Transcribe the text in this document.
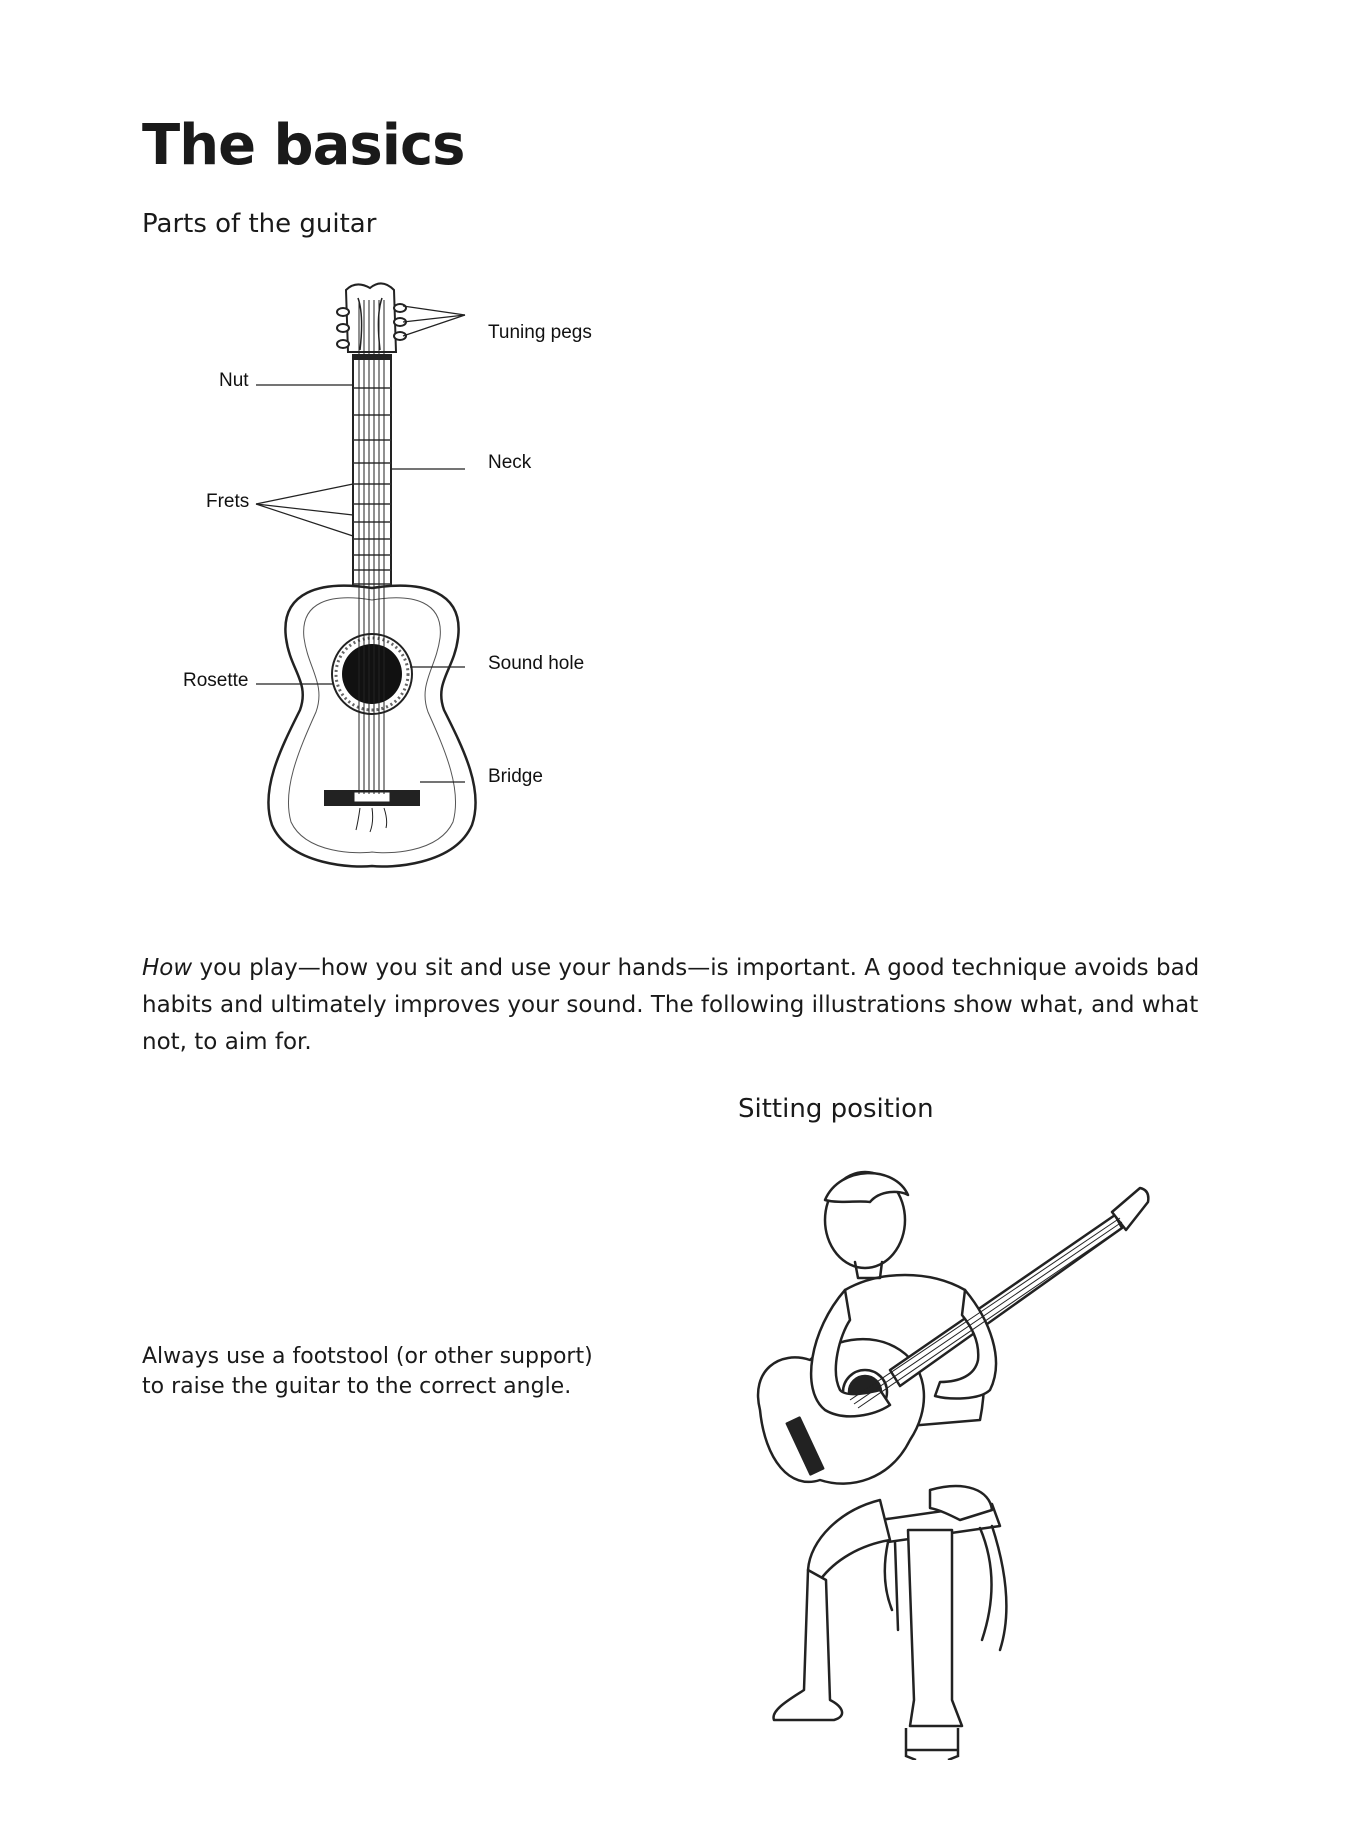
The basics
Parts of the guitar
Tuning pegs
Nut
Neck
Frets
Sound hole
Rosette
Bridge
How you play—how you sit and use your hands—is important. A good technique avoids bad habits and ultimately improves your sound. The following illustrations show what, and what not, to aim for.
Sitting position
Always use a footstool (or other support) to raise the guitar to the correct angle.
